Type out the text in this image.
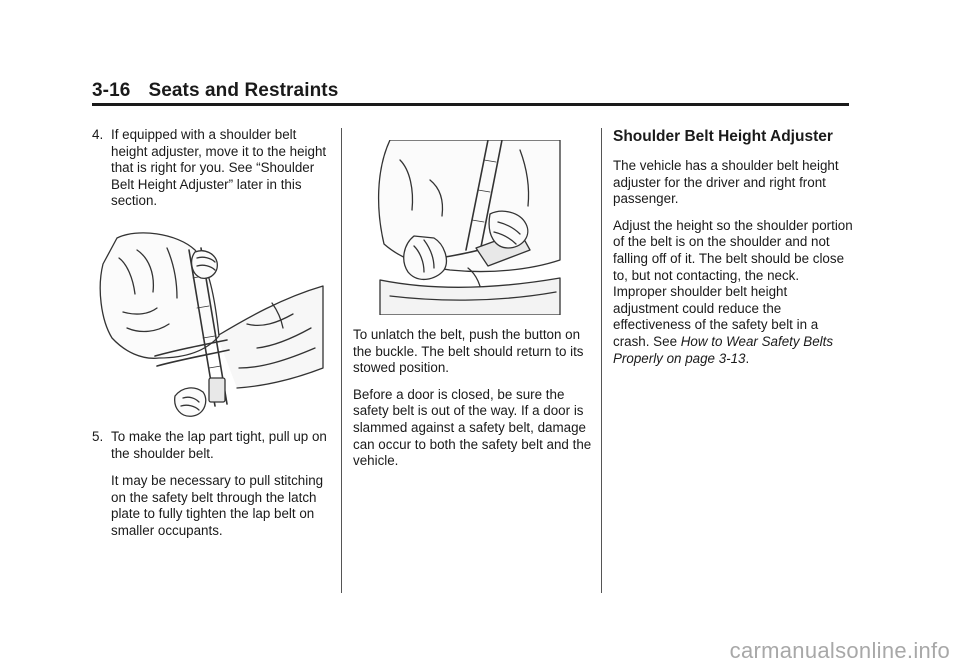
3-16 Seats and Restraints
4. If equipped with a shoulder belt height adjuster, move it to the height that is right for you. See “Shoulder Belt Height Adjuster” later in this section.
5. To make the lap part tight, pull up on the shoulder belt.

It may be necessary to pull stitching on the safety belt through the latch plate to fully tighten the lap belt on smaller occupants.

To unlatch the belt, push the button on the buckle. The belt should return to its stowed position.

Before a door is closed, be sure the safety belt is out of the way. If a door is slammed against a safety belt, damage can occur to both the safety belt and the vehicle.

Shoulder Belt Height Adjuster

The vehicle has a shoulder belt height adjuster for the driver and right front passenger.

Adjust the height so the shoulder portion of the belt is on the shoulder and not falling off of it. The belt should be close to, but not contacting, the neck. Improper shoulder belt height adjustment could reduce the effectiveness of the safety belt in a crash. See How to Wear Safety Belts Properly on page 3-13.

carmanualsonline.info
